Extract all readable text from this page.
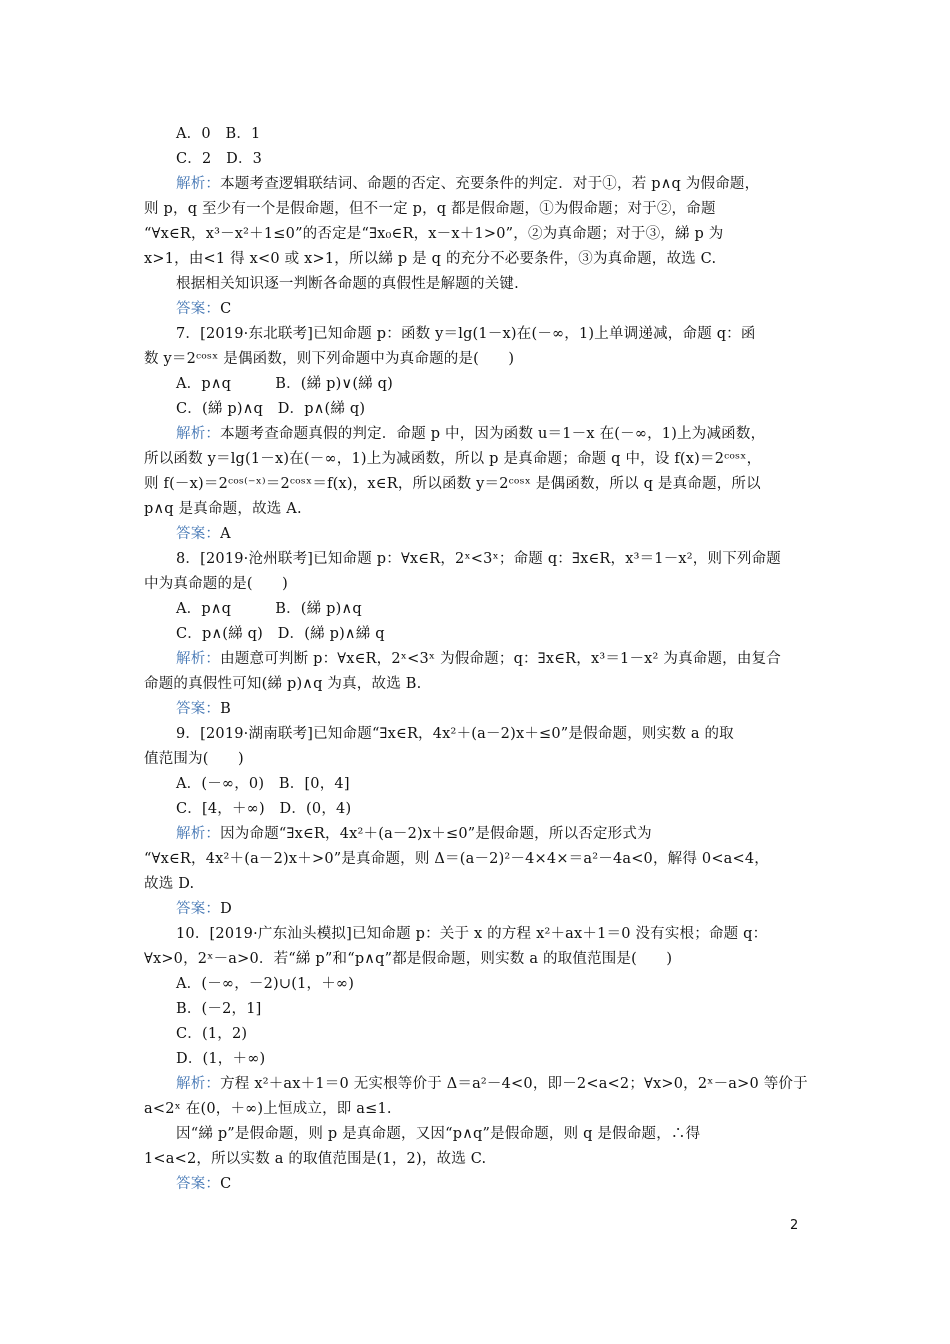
A．0　B．1
C．2　D．3
解析：本题考查逻辑联结词、命题的否定、充要条件的判定．对于①，若 p∧q 为假命题，
则 p，q 至少有一个是假命题，但不一定 p，q 都是假命题，①为假命题；对于②，命题
“∀x∈R，x³－x²＋1≤0”的否定是“∃x₀∈R，x－x＋1>0”，②为真命题；对于③，綈 p 为
x>1，由<1 得 x<0 或 x>1，所以綈 p 是 q 的充分不必要条件，③为真命题，故选 C.
根据相关知识逐一判断各命题的真假性是解题的关键.
答案：C
7．[2019·东北联考]已知命题 p：函数 y＝lg(1－x)在(－∞，1)上单调递减，命题 q：函
数 y＝2ᶜᵒˢˣ 是偶函数，则下列命题中为真命题的是(　　)
A．p∧q　　　B．(綈 p)∨(綈 q)
C．(綈 p)∧q　D．p∧(綈 q)
解析：本题考查命题真假的判定．命题 p 中，因为函数 u＝1－x 在(－∞，1)上为减函数，
所以函数 y＝lg(1－x)在(－∞，1)上为减函数，所以 p 是真命题；命题 q 中，设 f(x)＝2ᶜᵒˢˣ，
则 f(－x)＝2ᶜᵒˢ⁽⁻ˣ⁾＝2ᶜᵒˢˣ＝f(x)，x∈R，所以函数 y＝2ᶜᵒˢˣ 是偶函数，所以 q 是真命题，所以
p∧q 是真命题，故选 A.
答案：A
8．[2019·沧州联考]已知命题 p：∀x∈R，2ˣ<3ˣ；命题 q：∃x∈R，x³＝1－x²，则下列命题
中为真命题的是(　　)
A．p∧q　　　B．(綈 p)∧q
C．p∧(綈 q)　D．(綈 p)∧綈 q
解析：由题意可判断 p：∀x∈R，2ˣ<3ˣ 为假命题；q：∃x∈R，x³＝1－x² 为真命题，由复合
命题的真假性可知(綈 p)∧q 为真，故选 B.
答案：B
9．[2019·湖南联考]已知命题“∃x∈R，4x²＋(a－2)x＋≤0”是假命题，则实数 a 的取
值范围为(　　)
A．(－∞，0)　B．[0，4]
C．[4，＋∞)　D．(0，4)
解析：因为命题“∃x∈R，4x²＋(a－2)x＋≤0”是假命题，所以否定形式为
“∀x∈R，4x²＋(a－2)x＋>0”是真命题，则 Δ＝(a－2)²－4×4×＝a²－4a<0，解得 0<a<4，
故选 D.
答案：D
10．[2019·广东汕头模拟]已知命题 p：关于 x 的方程 x²＋ax＋1＝0 没有实根；命题 q：
∀x>0，2ˣ－a>0．若“綈 p”和“p∧q”都是假命题，则实数 a 的取值范围是(　　)
A．(－∞，－2)∪(1，＋∞)
B．(－2，1]
C．(1，2)
D．(1，＋∞)
解析：方程 x²＋ax＋1＝0 无实根等价于 Δ＝a²－4<0，即－2<a<2；∀x>0，2ˣ－a>0 等价于
a<2ˣ 在(0，＋∞)上恒成立，即 a≤1.
因“綈 p”是假命题，则 p 是真命题，又因“p∧q”是假命题，则 q 是假命题，∴得
1<a<2，所以实数 a 的取值范围是(1，2)，故选 C.
答案：C
2
